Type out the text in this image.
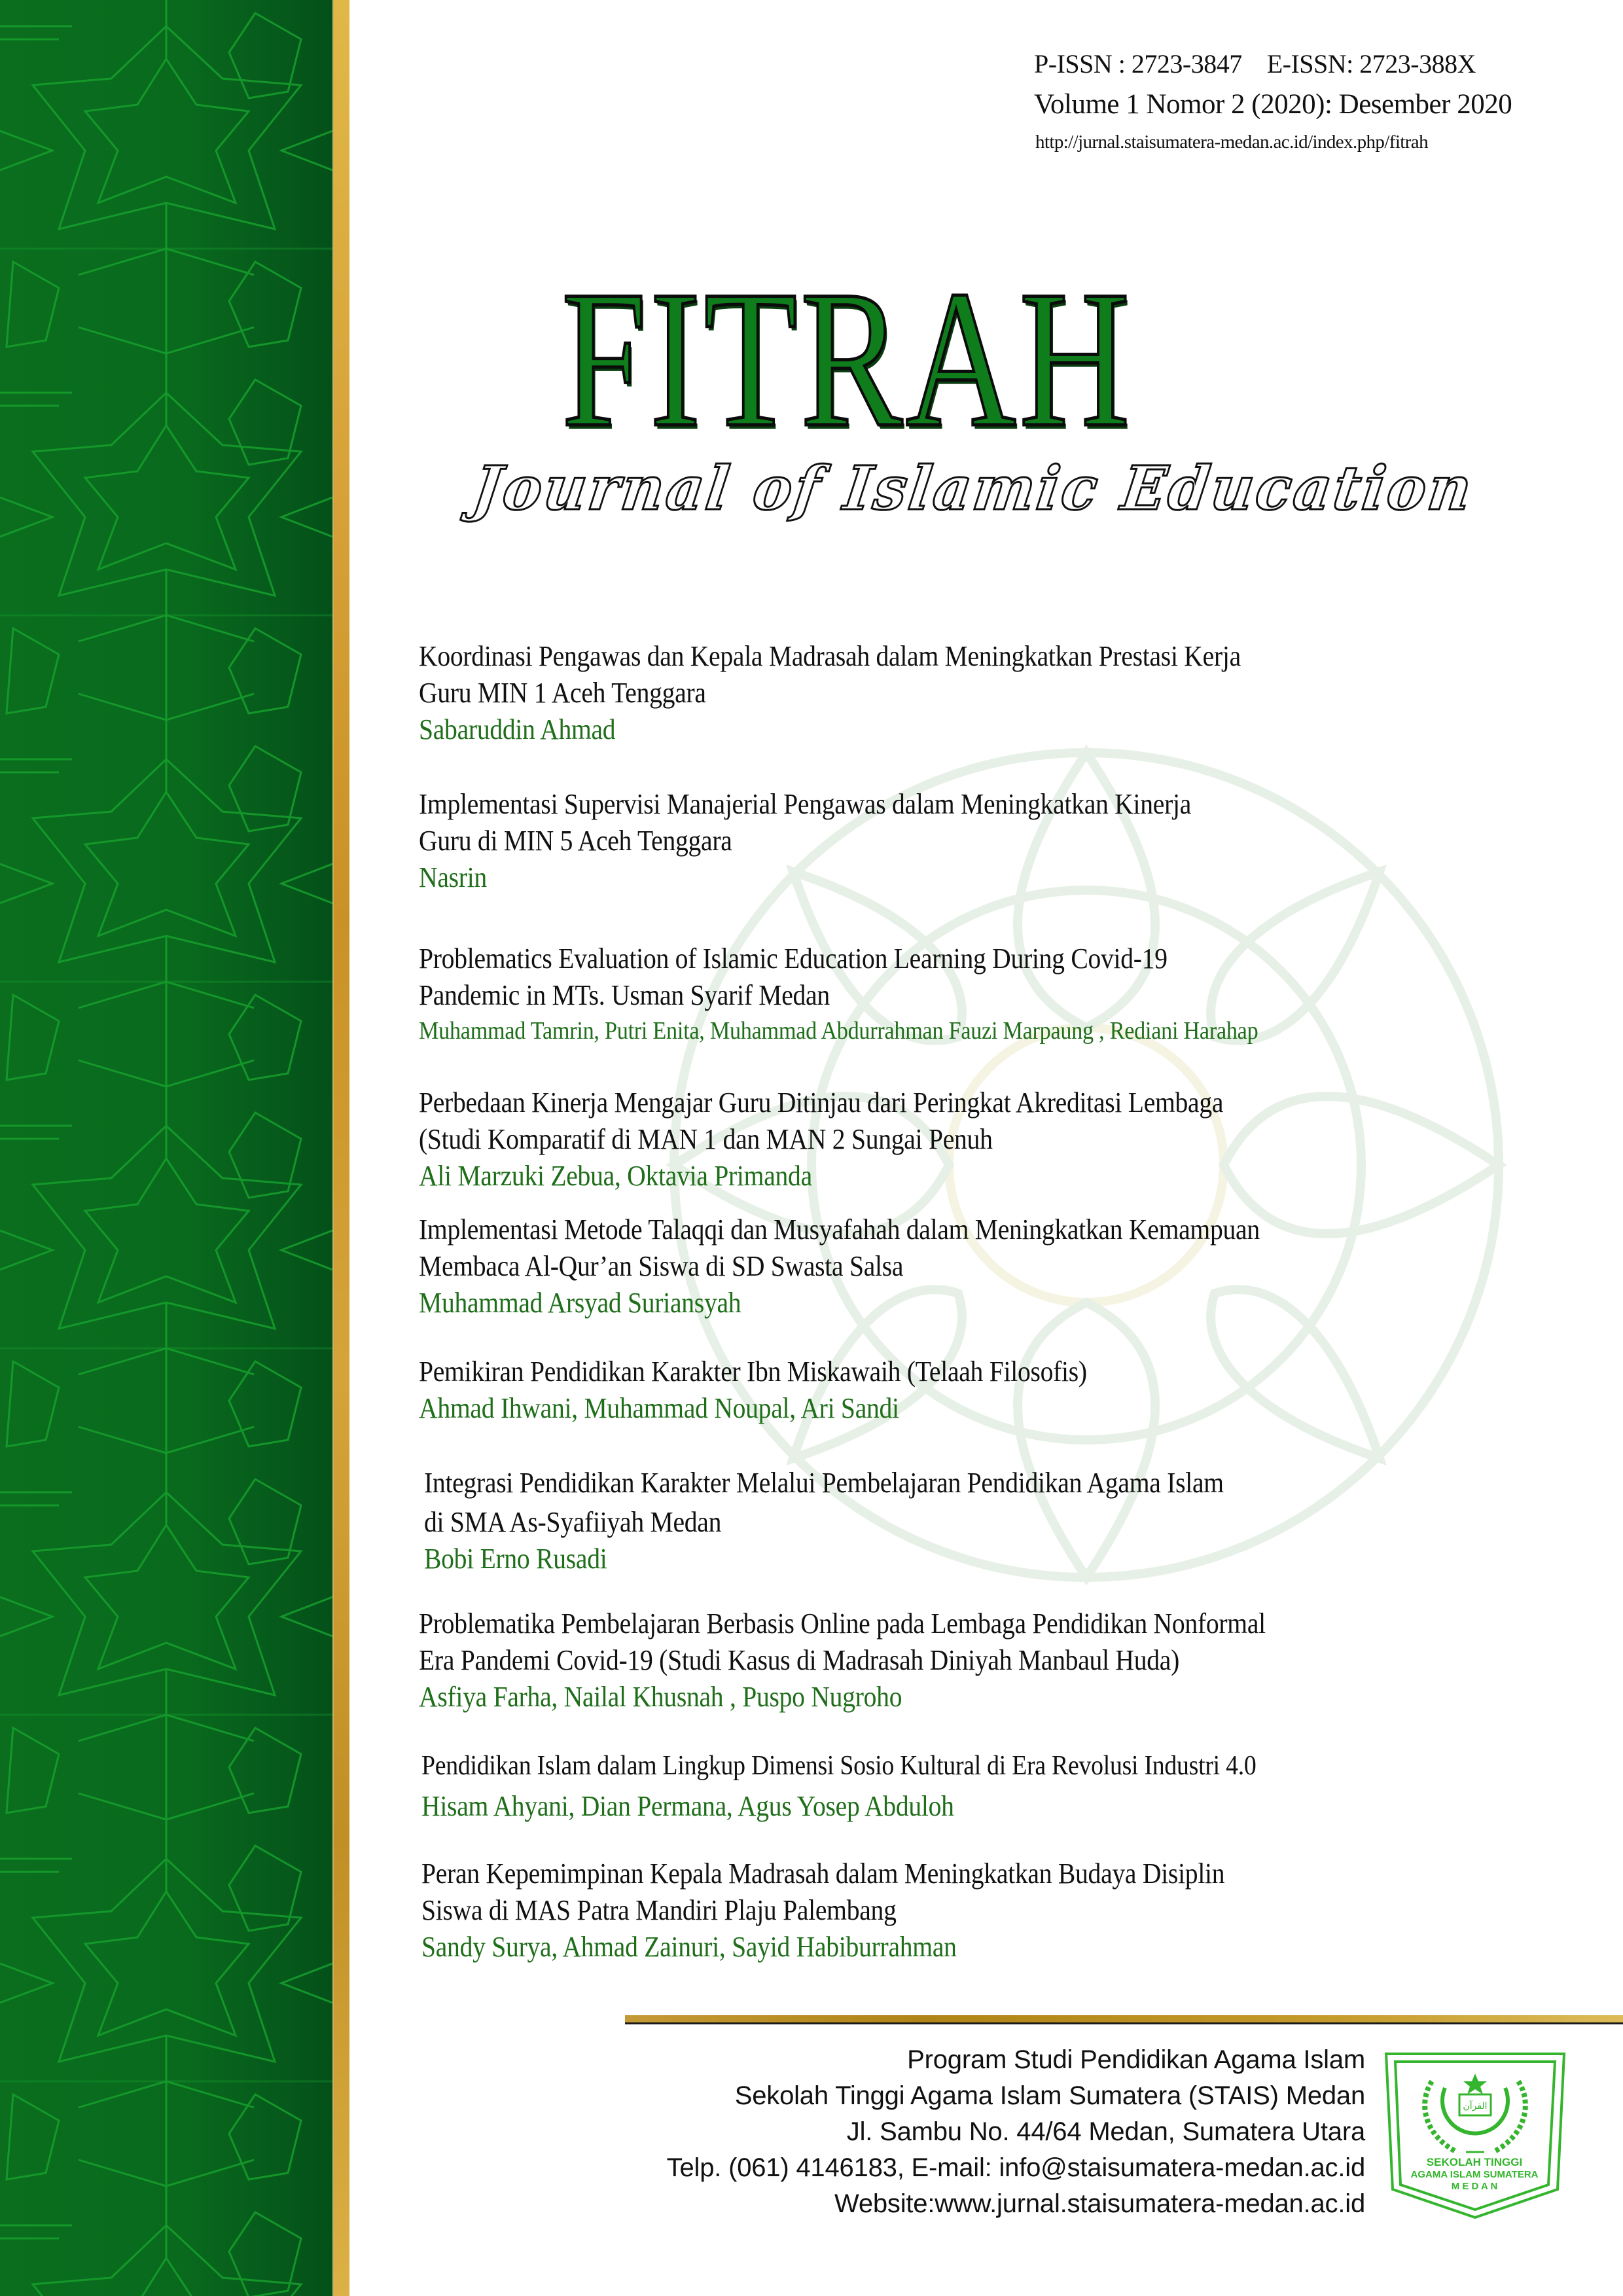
P-ISSN : 2723-3847    E-ISSN: 2723-388X
Volume 1 Nomor 2 (2020): Desember 2020
http://jurnal.staisumatera-medan.ac.id/index.php/fitrah
FITRAH
Journal of Islamic Education
Koordinasi Pengawas dan Kepala Madrasah dalam Meningkatkan Prestasi Kerja
Guru MIN 1 Aceh Tenggara
Sabaruddin Ahmad
Implementasi Supervisi Manajerial Pengawas dalam Meningkatkan Kinerja
Guru di MIN 5 Aceh Tenggara
Nasrin
Problematics Evaluation of Islamic Education Learning During Covid-19
Pandemic in MTs. Usman Syarif Medan
Muhammad Tamrin, Putri Enita, Muhammad Abdurrahman Fauzi Marpaung , Rediani Harahap
Perbedaan Kinerja Mengajar Guru Ditinjau dari Peringkat Akreditasi Lembaga
(Studi Komparatif di MAN 1 dan MAN 2 Sungai Penuh
Ali Marzuki Zebua, Oktavia Primanda
Implementasi Metode Talaqqi dan Musyafahah dalam Meningkatkan Kemampuan
Membaca Al-Qur’an Siswa di SD Swasta Salsa
Muhammad Arsyad Suriansyah
Pemikiran Pendidikan Karakter Ibn Miskawaih (Telaah Filosofis)
Ahmad Ihwani, Muhammad Noupal, Ari Sandi
Integrasi Pendidikan Karakter Melalui Pembelajaran Pendidikan Agama Islam
di SMA As-Syafiiyah Medan
Bobi Erno Rusadi
Problematika Pembelajaran Berbasis Online pada Lembaga Pendidikan Nonformal
Era Pandemi Covid-19 (Studi Kasus di Madrasah Diniyah Manbaul Huda)
Asfiya Farha, Nailal Khusnah , Puspo Nugroho
Pendidikan Islam dalam Lingkup Dimensi Sosio Kultural di Era Revolusi Industri 4.0
Hisam Ahyani, Dian Permana, Agus Yosep Abduloh
Peran Kepemimpinan Kepala Madrasah dalam Meningkatkan Budaya Disiplin
Siswa di MAS Patra Mandiri Plaju Palembang
Sandy Surya, Ahmad Zainuri, Sayid Habiburrahman
Program Studi Pendidikan Agama Islam
Sekolah Tinggi Agama Islam Sumatera (STAIS) Medan
Jl. Sambu No. 44/64 Medan, Sumatera Utara
Telp. (061) 4146183, E-mail: info@staisumatera-medan.ac.id
Website:www.jurnal.staisumatera-medan.ac.id
القرآن
SEKOLAH TINGGI
AGAMA ISLAM SUMATERA
M E D A N
